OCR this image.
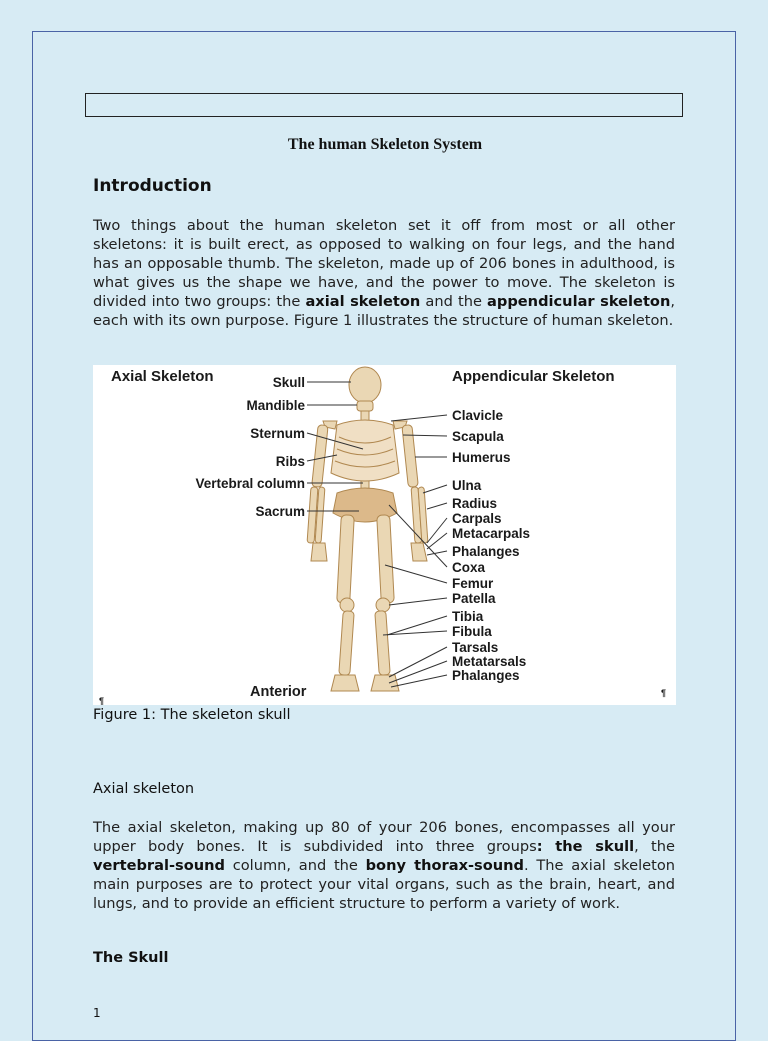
The human Skeleton System
Introduction
Two things about the human skeleton set it off from most or all other skeletons: it is built erect, as opposed to walking on four legs, and the hand has an opposable thumb. The skeleton, made up of 206 bones in adulthood, is what gives us the shape we have, and the power to move. The skeleton is divided into two groups: the axial skeleton and the appendicular skeleton, each with its own purpose. Figure 1 illustrates the structure of human skeleton.
Axial Skeleton	Appendicular Skeleton
Skull
Mandible
Sternum
Ribs
Vertebral column
Sacrum
Clavicle
Scapula
Humerus
Ulna
Radius
Carpals
Metacarpals
Phalanges
Coxa
Femur
Patella
Tibia
Fibula
Tarsals
Metatarsals
Phalanges
Anterior
¶
¶
Figure 1: The skeleton skull
Axial skeleton
The axial skeleton, making up 80 of your 206 bones, encompasses all your upper body bones. It is subdivided into three groups: the skull, the vertebral-sound column, and the bony thorax-sound. The axial skeleton main purposes are to protect your vital organs, such as the brain, heart, and lungs, and to provide an efficient structure to perform a variety of work.
The Skull
1
